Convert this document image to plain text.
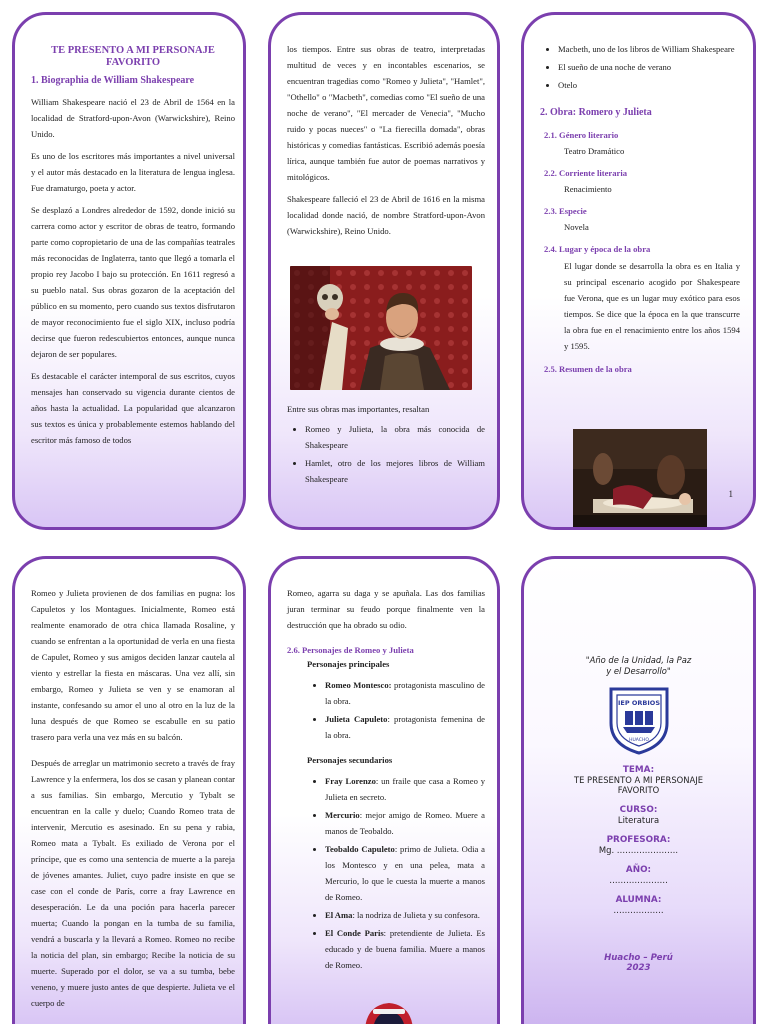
TE PRESENTO A MI PERSONAJE FAVORITO
1. Biographia de William Shakespeare

William Shakespeare nació el 23 de Abril de 1564 en la localidad de Stratford-upon-Avon (Warwickshire), Reino Unido.

Es uno de los escritores más importantes a nivel universal y el autor más destacado en la literatura de lengua inglesa. Fue dramaturgo, poeta y actor.

Se desplazó a Londres alrededor de 1592, donde inició su carrera como actor y escritor de obras de teatro, formando parte como copropietario de una de las compañías teatrales más reconocidas de Inglaterra, tanto que llegó a tomarla el propio rey Jacobo I bajo su protección. En 1611 regresó a su pueblo natal. Sus obras gozaron de la aceptación del público en su momento, pero cuando sus textos disfrutaron de mayor reconocimiento fue el siglo XIX, incluso podría decirse que fueron redescubiertos entonces, aunque nunca dejaron de ser populares.

Es destacable el carácter intemporal de sus escritos, cuyos mensajes han conservado su vigencia durante cientos de años hasta la actualidad. La popularidad que alcanzaron sus textos es única y probablemente estemos hablando del escritor más famoso de todos

los tiempos. Entre sus obras de teatro, interpretadas multitud de veces y en incontables escenarios, se encuentran tragedias como "Romeo y Julieta", "Hamlet", "Othello" o "Macbeth", comedias como "El sueño de una noche de verano", "El mercader de Venecia", "Mucho ruido y pocas nueces" o "La fierecilla domada", obras históricas y comedias fantásticas. Escribió además poesía lírica, aunque también fue autor de poemas narrativos y mitológicos.

Shakespeare falleció el 23 de Abril de 1616 en la misma localidad donde nació, de nombre Stratford-upon-Avon (Warwickshire), Reino Unido.

Entre sus obras mas importantes, resaltan

• Romeo y Julieta, la obra más conocida de Shakespeare
• Hamlet, otro de los mejores libros de William Shakespeare
• Macbeth, uno de los libros de William Shakespeare
• El sueño de una noche de verano
• Otelo
2. Obra: Romero y Julieta
2.1. Género literario
Teatro Dramático
2.2. Corriente literaria
Renacimiento
2.3. Especie
Novela
2.4. Lugar y época de la obra

El lugar donde se desarrolla la obra es en Italia y su principal escenario acogido por Shakespeare fue Verona, que es un lugar muy exótico para esos tiempos. Se dice que la época en la que transcurre la obra fue en el renacimiento entre los años 1594 y 1595.

2.5. Resumen de la obra
1

Romeo y Julieta provienen de dos familias en pugna: los Capuletos y los Montagues. Inicialmente, Romeo está realmente enamorado de otra chica llamada Rosaline, y cuando se enfrentan a la oportunidad de verla en una fiesta de Capulet, Romeo y sus amigos deciden lanzar cautela al viento y estrellar la fiesta en máscaras. Una vez allí, sin embargo, Romeo y Julieta se ven y se enamoran al instante, confesando su amor el uno al otro en la luz de la luna después de que Romeo se escabulle en su patio trasero para verla una vez más en su balcón.

Después de arreglar un matrimonio secreto a través de fray Lawrence y la enfermera, los dos se casan y planean contar a sus familias. Sin embargo, Mercutio y Tybalt se encuentran en la calle y duelo; Cuando Romeo trata de intervenir, Mercutio es asesinado. En su pena y rabia, Romeo mata a Tybalt. Es exiliado de Verona por el príncipe, que es como una sentencia de muerte a la pareja de jóvenes amantes. Juliet, cuyo padre insiste en que se case con el conde de París, corre a fray Lawrence en desesperación. Le da una poción para hacerla parecer muerta; Cuando la pongan en la tumba de su familia, vendrá a buscarla y la llevará a Romeo. Romeo no recibe la noticia del plan, sin embargo; Recibe la noticia de su muerte. Superado por el dolor, se va a su tumba, bebe veneno, y muere justo antes de que despierte. Julieta ve el cuerpo de

Romeo, agarra su daga y se apuñala. Las dos familias juran terminar su feudo porque finalmente ven la destrucción que ha obrado su odio.

2.6. Personajes de Romeo y Julieta
Personajes principales
• Romeo Montesco: protagonista masculino de la obra.
• Julieta Capuleto: protagonista femenina de la obra.
Personajes secundarios
• Fray Lorenzo: un fraile que casa a Romeo y Julieta en secreto.
• Mercurio: mejor amigo de Romeo. Muere a manos de Teobaldo.
• Teobaldo Capuleto: primo de Julieta. Odia a los Montesco y en una pelea, mata a Mercurio, lo que le cuesta la muerte a manos de Romeo.
• El Ama: la nodriza de Julieta y su confesora.
• El Conde Paris: pretendiente de Julieta. Es educado y de buena familia. Muere a manos de Romeo.
"Año de la Unidad, la Paz y el Desarrollo"
IEP ORBIOS
HUACHO
TEMA:
TE PRESENTO A MI PERSONAJE FAVORITO
CURSO:
Literatura
PROFESORA:
Mg. ………………….
AÑO:
…………………
ALUMNA:
………………
Huacho – Perú
2023
